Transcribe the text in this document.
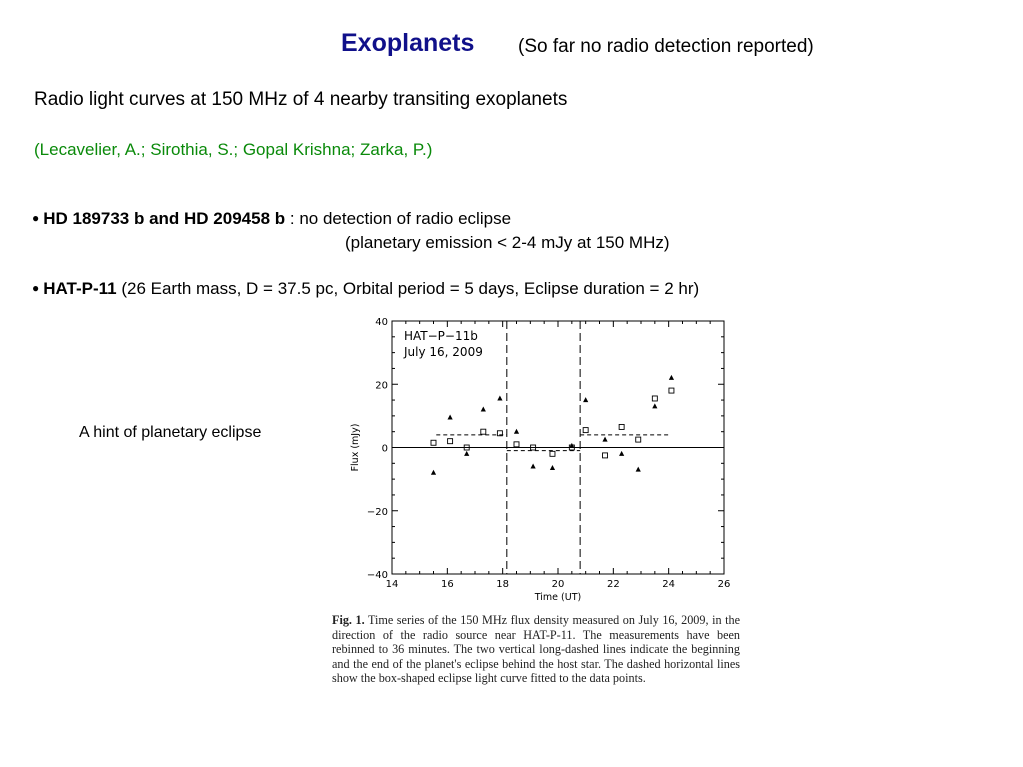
Exoplanets (So far no radio detection reported)
Radio light curves at 150 MHz of 4 nearby transiting exoplanets
(Lecavelier, A.; Sirothia, S.; Gopal Krishna; Zarka, P.)
● HD 189733 b and HD 209458 b : no detection of radio eclipse
(planetary emission < 2-4 mJy at 150 MHz)
● HAT-P-11 (26 Earth mass, D = 37.5 pc, Orbital period = 5 days, Eclipse duration = 2 hr)
A hint of planetary eclipse
14	16	18	20	22	24	26
−40
−20
0
20
40
HAT−P−11b
July 16, 2009
Time (UT)
Flux (mJy)
Fig. 1. Time series of the 150 MHz flux density measured on July 16, 2009, in the direction of the radio source near HAT-P-11. The measurements have been rebinned to 36 minutes. The two vertical long-dashed lines indicate the beginning and the end of the planet's eclipse behind the host star. The dashed horizontal lines show the box-shaped eclipse light curve fitted to the data points.
